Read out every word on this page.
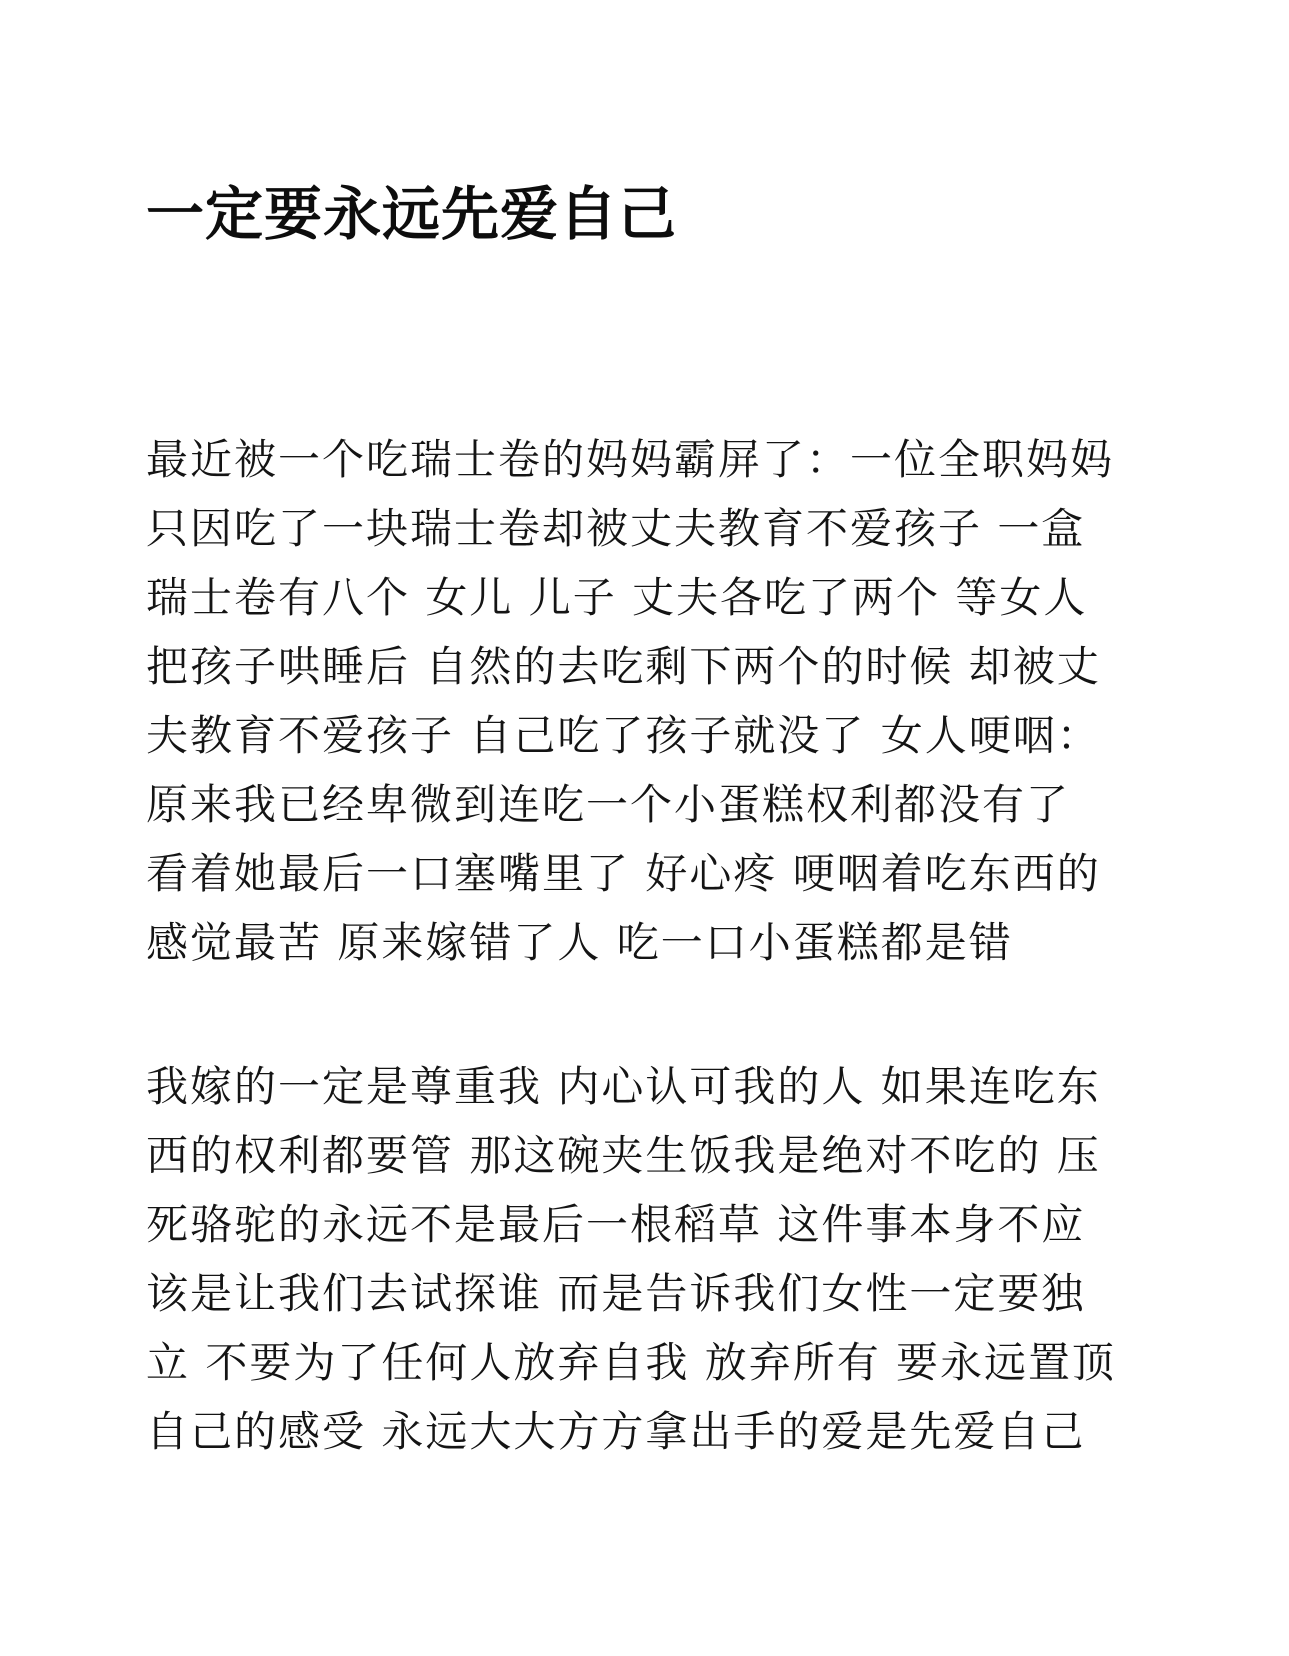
一定要永远先爱自己
最近被一个吃瑞士卷的妈妈霸屏了：一位全职妈妈
只因吃了一块瑞士卷却被丈夫教育不爱孩子 一盒
瑞士卷有八个 女儿 儿子 丈夫各吃了两个 等女人
把孩子哄睡后 自然的去吃剩下两个的时候 却被丈
夫教育不爱孩子 自己吃了孩子就没了 女人哽咽：
原来我已经卑微到连吃一个小蛋糕权利都没有了
看着她最后一口塞嘴里了 好心疼 哽咽着吃东西的
感觉最苦 原来嫁错了人 吃一口小蛋糕都是错
我嫁的一定是尊重我 内心认可我的人 如果连吃东
西的权利都要管 那这碗夹生饭我是绝对不吃的 压
死骆驼的永远不是最后一根稻草 这件事本身不应
该是让我们去试探谁 而是告诉我们女性一定要独
立 不要为了任何人放弃自我 放弃所有 要永远置顶
自己的感受 永远大大方方拿出手的爱是先爱自己
